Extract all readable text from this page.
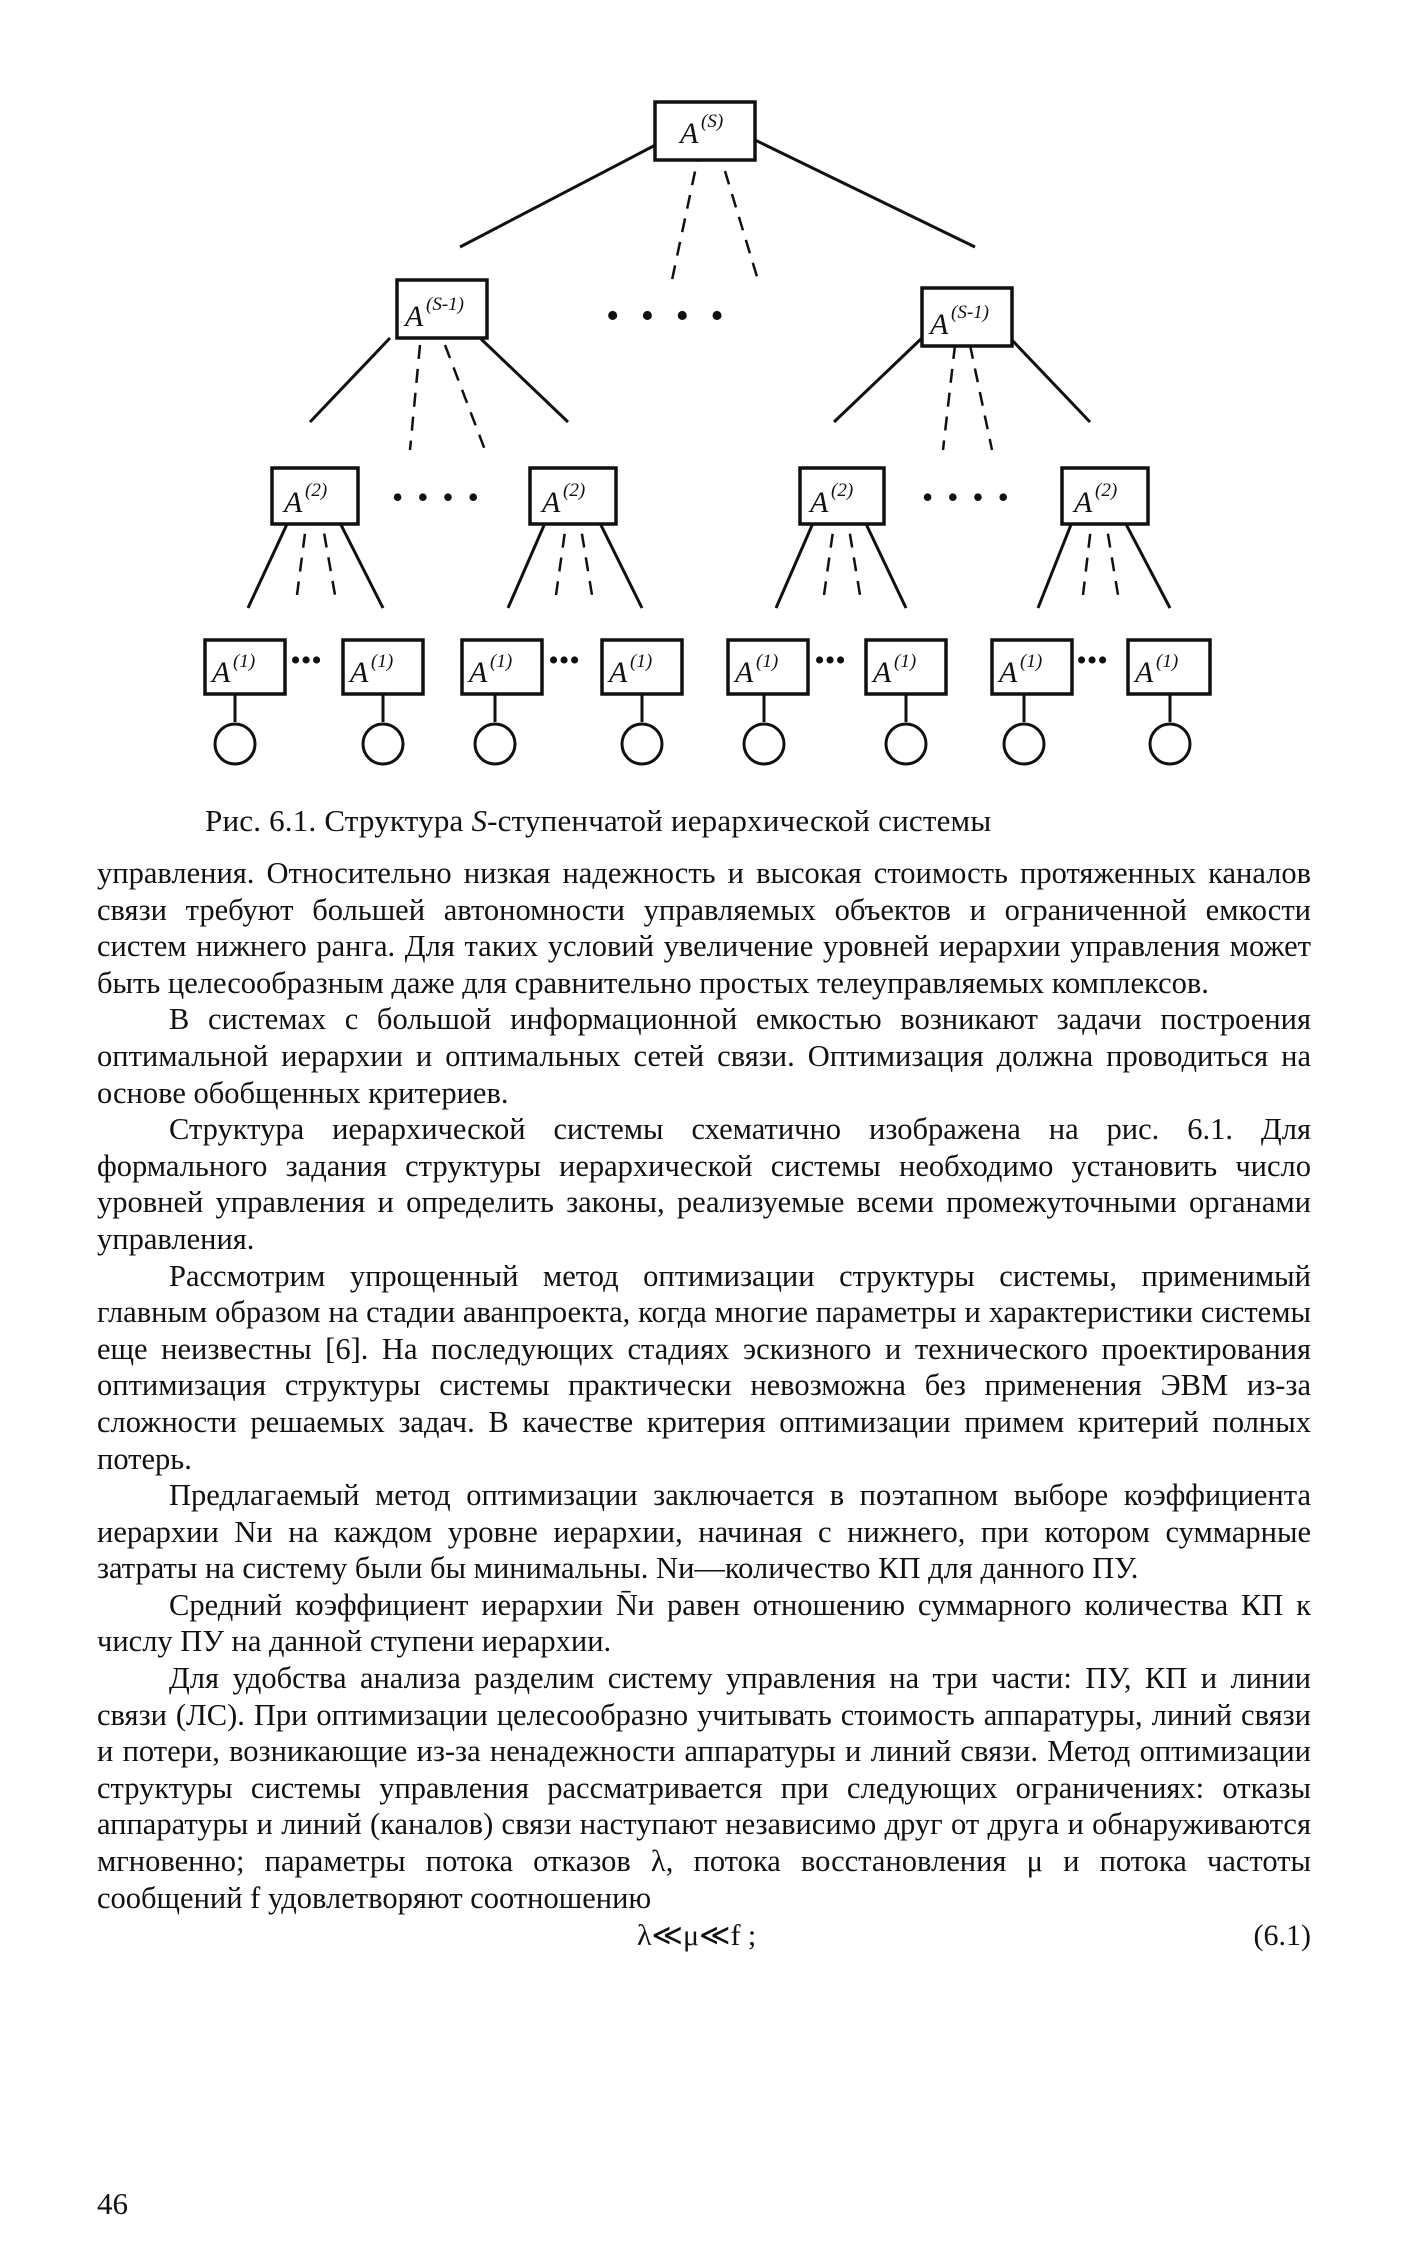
A (S)
A (S-1)
A (S-1)
A (2)	A (2)	A (2)	A (2)
A (1)	A (1)
•••	A (1)	A (1)
•••	A (1) ••• A (1)	A (1) ••• A (1)
• • • •
• • • •	• • • •
Рис. 6.1. Структура S-ступенчатой иерархической системы

управления. Относительно низкая надежность и высокая стоимость протяженных каналов связи требуют большей автономности управляемых объектов и ограниченной емкости систем нижнего ранга. Для таких условий увеличение уровней иерархии управления может быть целесообразным даже для сравнительно простых телеуправляемых комплексов.

В системах с большой информационной емкостью возникают задачи построения оптимальной иерархии и оптимальных сетей связи. Оптимизация должна проводиться на основе обобщенных критериев.

Структура иерархической системы схематично изображена на рис. 6.1. Для формального задания структуры иерархической системы необходимо установить число уровней управления и определить законы, реализуемые всеми промежуточными органами управления.

Рассмотрим упрощенный метод оптимизации структуры системы, применимый главным образом на стадии аванпроекта, когда многие параметры и характеристики системы еще неизвестны [6]. На последующих стадиях эскизного и технического проектирования оптимизация структуры системы практически невозможна без применения ЭВМ из-за сложности решаемых задач. В качестве критерия оптимизации примем критерий полных потерь.

Предлагаемый метод оптимизации заключается в поэтапном выборе коэффициента иерархии Nи на каждом уровне иерархии, начиная с нижнего, при котором суммарные затраты на систему были бы минимальны. Nи—количество КП для данного ПУ.

Средний коэффициент иерархии N̄и равен отношению суммарного количества КП к числу ПУ на данной ступени иерархии.

Для удобства анализа разделим систему управления на три части: ПУ, КП и линии связи (ЛС). При оптимизации целесообразно учитывать стоимость аппаратуры, линий связи и потери, возникающие из-за ненадежности аппаратуры и линий связи. Метод оптимизации структуры системы управления рассматривается при следующих ограничениях: отказы аппаратуры и линий (каналов) связи наступают независимо друг от друга и обнаруживаются мгновенно; параметры потока отказов λ, потока восстановления μ и потока частоты сообщений f удовлетворяют соотношению

λ≪μ≪f ;	(6.1)
46
